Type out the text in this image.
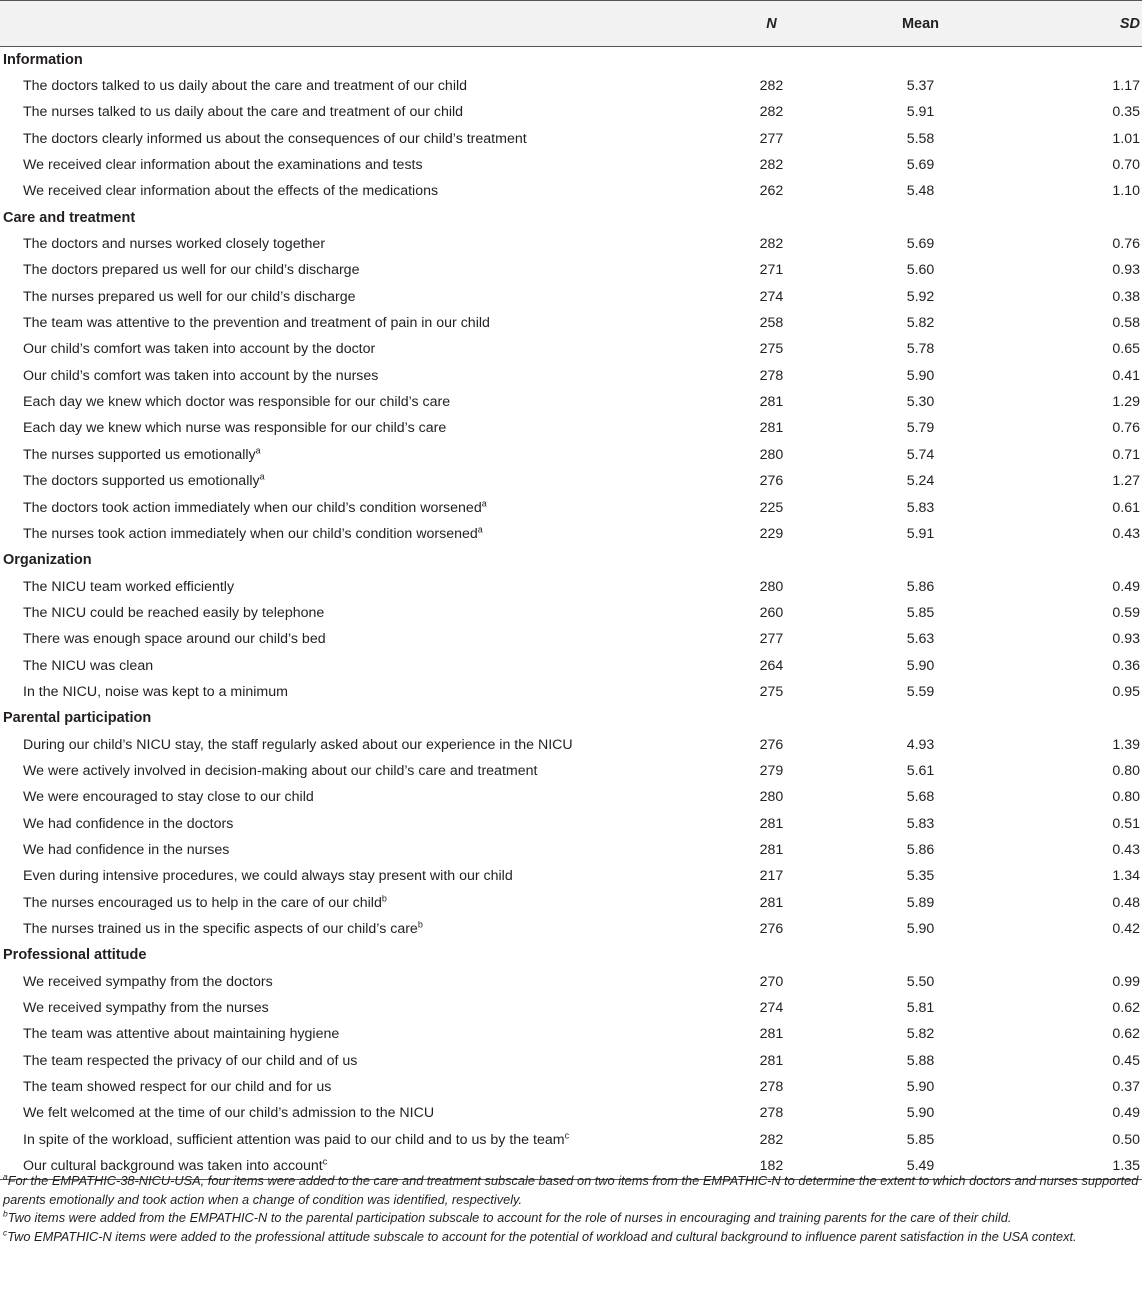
	N	Mean	SD
Information			
The doctors talked to us daily about the care and treatment of our child	282	5.37	1.17
The nurses talked to us daily about the care and treatment of our child	282	5.91	0.35
The doctors clearly informed us about the consequences of our child’s treatment	277	5.58	1.01
We received clear information about the examinations and tests	282	5.69	0.70
We received clear information about the effects of the medications	262	5.48	1.10
Care and treatment			
The doctors and nurses worked closely together	282	5.69	0.76
The doctors prepared us well for our child’s discharge	271	5.60	0.93
The nurses prepared us well for our child’s discharge	274	5.92	0.38
The team was attentive to the prevention and treatment of pain in our child	258	5.82	0.58
Our child’s comfort was taken into account by the doctor	275	5.78	0.65
Our child’s comfort was taken into account by the nurses	278	5.90	0.41
Each day we knew which doctor was responsible for our child’s care	281	5.30	1.29
Each day we knew which nurse was responsible for our child’s care	281	5.79	0.76
The nurses supported us emotionally$^a$	280	5.74	0.71
The doctors supported us emotionally$^a$	276	5.24	1.27
The doctors took action immediately when our child’s condition worsened$^a$	225	5.83	0.61
The nurses took action immediately when our child’s condition worsened$^a$	229	5.91	0.43
Organization			
The NICU team worked efficiently	280	5.86	0.49
The NICU could be reached easily by telephone	260	5.85	0.59
There was enough space around our child’s bed	277	5.63	0.93
The NICU was clean	264	5.90	0.36
In the NICU, noise was kept to a minimum	275	5.59	0.95
Parental participation			
During our child’s NICU stay, the staff regularly asked about our experience in the NICU	276	4.93	1.39
We were actively involved in decision-making about our child’s care and treatment	279	5.61	0.80
We were encouraged to stay close to our child	280	5.68	0.80
We had confidence in the doctors	281	5.83	0.51
We had confidence in the nurses	281	5.86	0.43
Even during intensive procedures, we could always stay present with our child	217	5.35	1.34
The nurses encouraged us to help in the care of our child$^b$	281	5.89	0.48
The nurses trained us in the specific aspects of our child’s care$^b$	276	5.90	0.42
Professional attitude			
We received sympathy from the doctors	270	5.50	0.99
We received sympathy from the nurses	274	5.81	0.62
The team was attentive about maintaining hygiene	281	5.82	0.62
The team respected the privacy of our child and of us	281	5.88	0.45
The team showed respect for our child and for us	278	5.90	0.37
We felt welcomed at the time of our child’s admission to the NICU	278	5.90	0.49
In spite of the workload, sufficient attention was paid to our child and to us by the team$^c$	282	5.85	0.50
Our cultural background was taken into account$^c$	182	5.49	1.35
$^a$For the EMPATHIC-38-NICU-USA, four items were added to the care and treatment subscale based on two items from the EMPATHIC-N to determine the extent to which doctors and nurses supported parents emotionally and took action when a change of condition was identified, respectively.
$^b$Two items were added from the EMPATHIC-N to the parental participation subscale to account for the role of nurses in encouraging and training parents for the care of their child.
$^c$Two EMPATHIC-N items were added to the professional attitude subscale to account for the potential of workload and cultural background to influence parent satisfaction in the USA context.
